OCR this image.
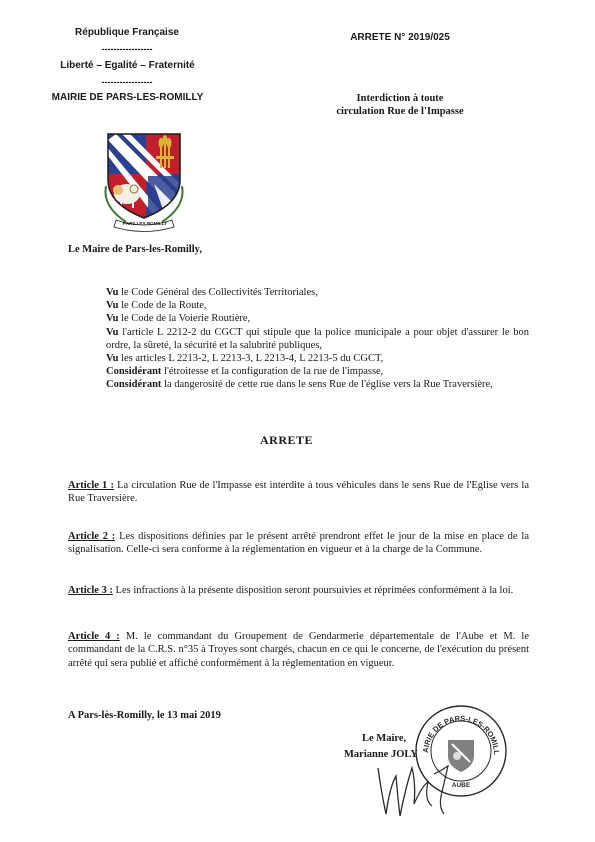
République Française
-----------------
Liberté – Egalité – Fraternité
-----------------
MAIRIE DE PARS-LES-ROMILLY
ARRETE N° 2019/025
Interdiction à toute
circulation Rue de l'Impasse
PARS LES ROMILLY
Le Maire de Pars-les-Romilly,

Vu le Code Général des Collectivités Territoriales,

Vu le Code de la Route,

Vu le Code de la Voierie Routière,

Vu l'article L 2212-2 du CGCT qui stipule que la police municipale a pour objet d'assurer le bon ordre, la sûreté, la sécurité et la salubrité publiques,

Vu les articles L 2213-2, L 2213-3, L 2213-4, L 2213-5 du CGCT,

Considérant l'étroitesse et la configuration de la rue de l'impasse,

Considérant la dangerosité de cette rue dans le sens Rue de l'église vers la Rue Traversière,

ARRETE

Article 1 : La circulation Rue de l'Impasse est interdite à tous véhicules dans le sens Rue de l'Eglise vers la Rue Traversière.

Article 2 : Les dispositions définies par le présent arrêté prendront effet le jour de la mise en place de la signalisation. Celle-ci sera conforme à la réglementation en vigueur et à la charge de la Commune.

Article 3 : Les infractions à la présente disposition seront poursuivies et réprimées conformément à la loi.

Article 4 : M. le commandant du Groupement de Gendarmerie départementale de l'Aube et M. le commandant de la C.R.S. n°35 à Troyes sont chargés, chacun en ce qui le concerne, de l'exécution du présent arrêté qui sera publié et affiché conformément à la réglementation en vigueur.

A Pars-lès-Romilly, le 13 mai 2019
Le Maire,
Marianne JOLY AIRIE DE PARS-LES-ROMILL
AUBE
